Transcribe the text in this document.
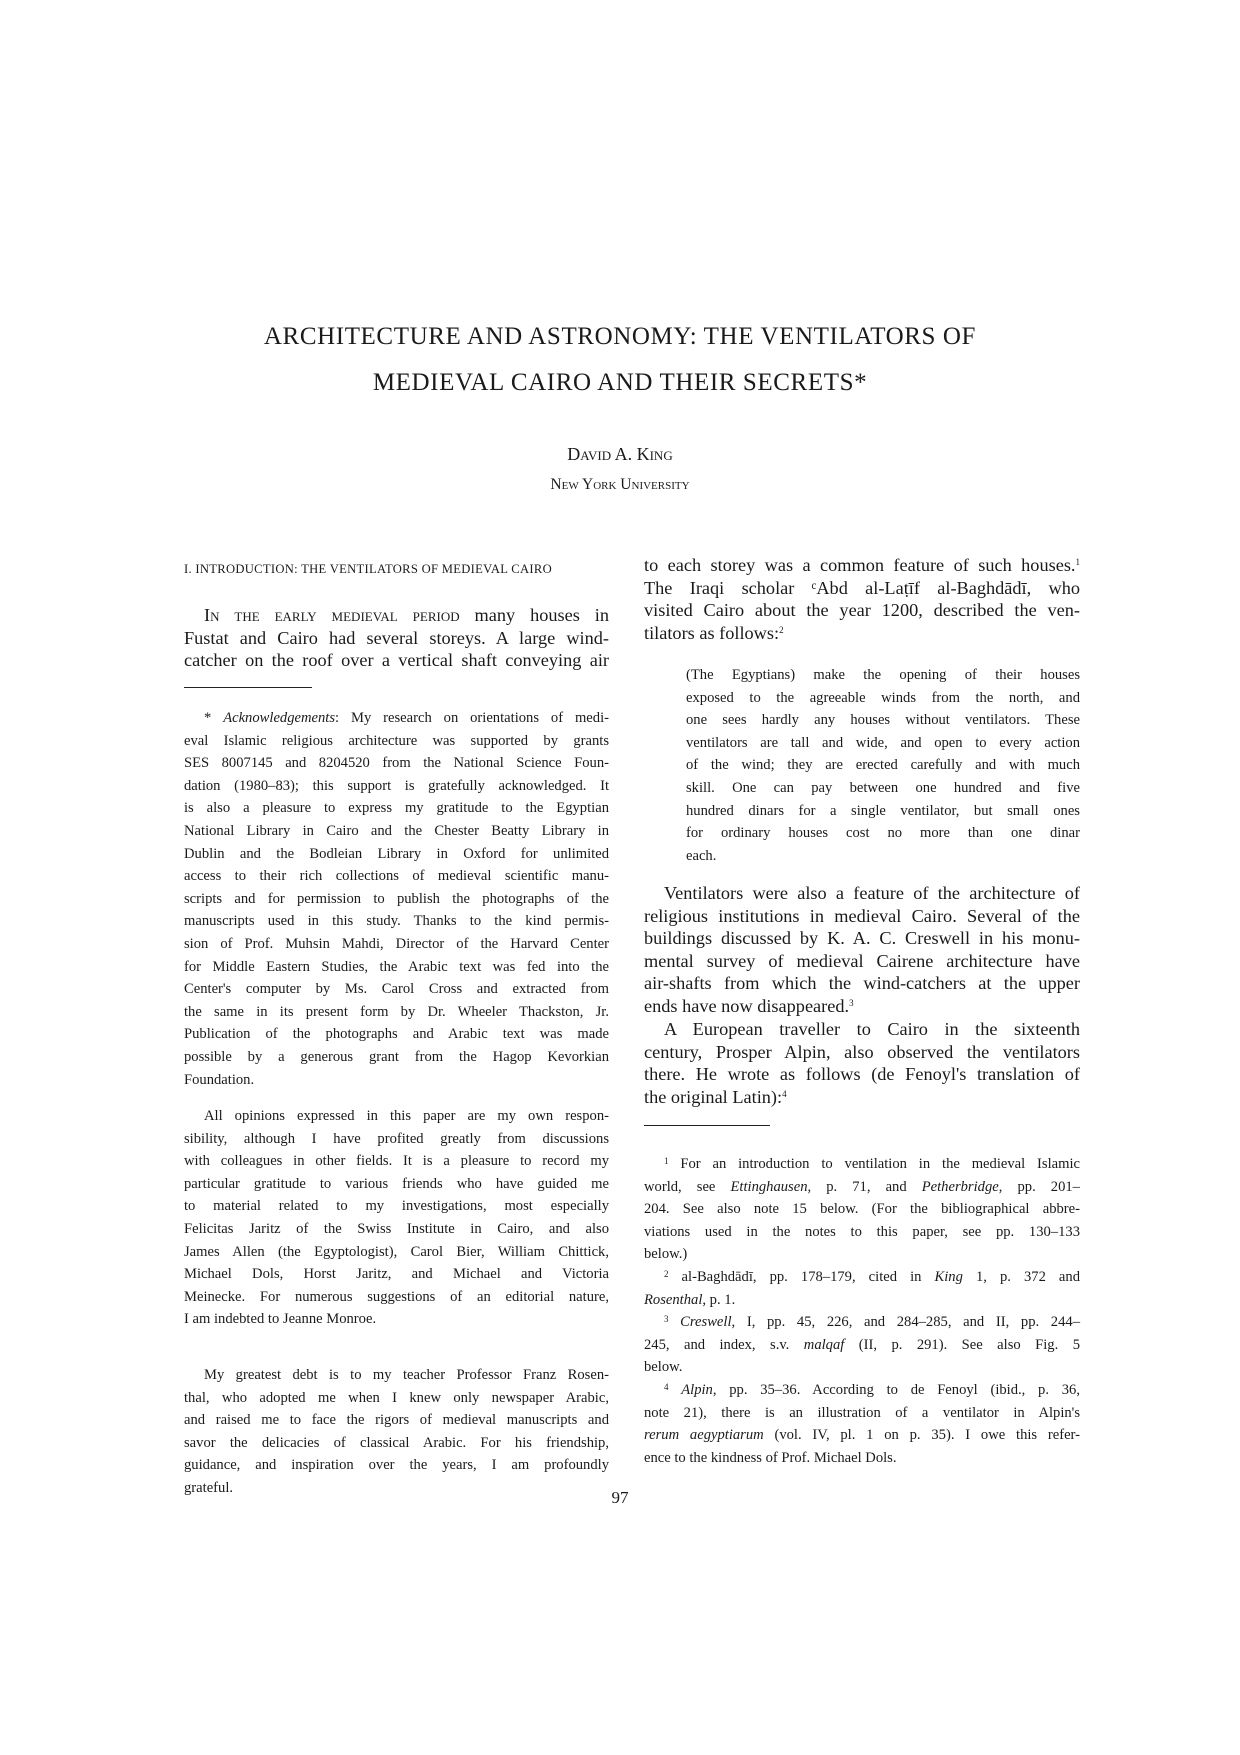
ARCHITECTURE AND ASTRONOMY: THE VENTILATORS OF
MEDIEVAL CAIRO AND THEIR SECRETS*
David A. King
New York University
I. INTRODUCTION: THE VENTILATORS OF MEDIEVAL CAIRO
In the early medieval period many houses in
Fustat and Cairo had several storeys. A large wind-
catcher on the roof over a vertical shaft conveying air
* Acknowledgements: My research on orientations of medi-
eval Islamic religious architecture was supported by grants
SES 8007145 and 8204520 from the National Science Foun-
dation (1980–83); this support is gratefully acknowledged. It
is also a pleasure to express my gratitude to the Egyptian
National Library in Cairo and the Chester Beatty Library in
Dublin and the Bodleian Library in Oxford for unlimited
access to their rich collections of medieval scientific manu-
scripts and for permission to publish the photographs of the
manuscripts used in this study. Thanks to the kind permis-
sion of Prof. Muhsin Mahdi, Director of the Harvard Center
for Middle Eastern Studies, the Arabic text was fed into the
Center's computer by Ms. Carol Cross and extracted from
the same in its present form by Dr. Wheeler Thackston, Jr.
Publication of the photographs and Arabic text was made
possible by a generous grant from the Hagop Kevorkian
Foundation.
All opinions expressed in this paper are my own respon-
sibility, although I have profited greatly from discussions
with colleagues in other fields. It is a pleasure to record my
particular gratitude to various friends who have guided me
to material related to my investigations, most especially
Felicitas Jaritz of the Swiss Institute in Cairo, and also
James Allen (the Egyptologist), Carol Bier, William Chittick,
Michael Dols, Horst Jaritz, and Michael and Victoria
Meinecke. For numerous suggestions of an editorial nature,
I am indebted to Jeanne Monroe.
My greatest debt is to my teacher Professor Franz Rosen-
thal, who adopted me when I knew only newspaper Arabic,
and raised me to face the rigors of medieval manuscripts and
savor the delicacies of classical Arabic. For his friendship,
guidance, and inspiration over the years, I am profoundly
grateful.
to each storey was a common feature of such houses.$^1$
The Iraqi scholar ᶜAbd al-Laṭīf al-Baghdādī, who
visited Cairo about the year 1200, described the ven-
tilators as follows:$^2$
(The Egyptians) make the opening of their houses
exposed to the agreeable winds from the north, and
one sees hardly any houses without ventilators. These
ventilators are tall and wide, and open to every action
of the wind; they are erected carefully and with much
skill. One can pay between one hundred and five
hundred dinars for a single ventilator, but small ones
for ordinary houses cost no more than one dinar
each.
Ventilators were also a feature of the architecture of
religious institutions in medieval Cairo. Several of the
buildings discussed by K. A. C. Creswell in his monu-
mental survey of medieval Cairene architecture have
air-shafts from which the wind-catchers at the upper
ends have now disappeared.$^3$
A European traveller to Cairo in the sixteenth
century, Prosper Alpin, also observed the ventilators
there. He wrote as follows (de Fenoyl's translation of
the original Latin):$^4$
$^1$ For an introduction to ventilation in the medieval Islamic
world, see Ettinghausen, p. 71, and Petherbridge, pp. 201–
204. See also note 15 below. (For the bibliographical abbre-
viations used in the notes to this paper, see pp. 130–133
below.)
$^2$ al-Baghdādī, pp. 178–179, cited in King 1, p. 372 and
Rosenthal, p. 1.
$^3$ Creswell, I, pp. 45, 226, and 284–285, and II, pp. 244–
245, and index, s.v. malqaf (II, p. 291). See also Fig. 5
below.
$^4$ Alpin, pp. 35–36. According to de Fenoyl (ibid., p. 36,
note 21), there is an illustration of a ventilator in Alpin's
rerum aegyptiarum (vol. IV, pl. 1 on p. 35). I owe this refer-
ence to the kindness of Prof. Michael Dols.
97
